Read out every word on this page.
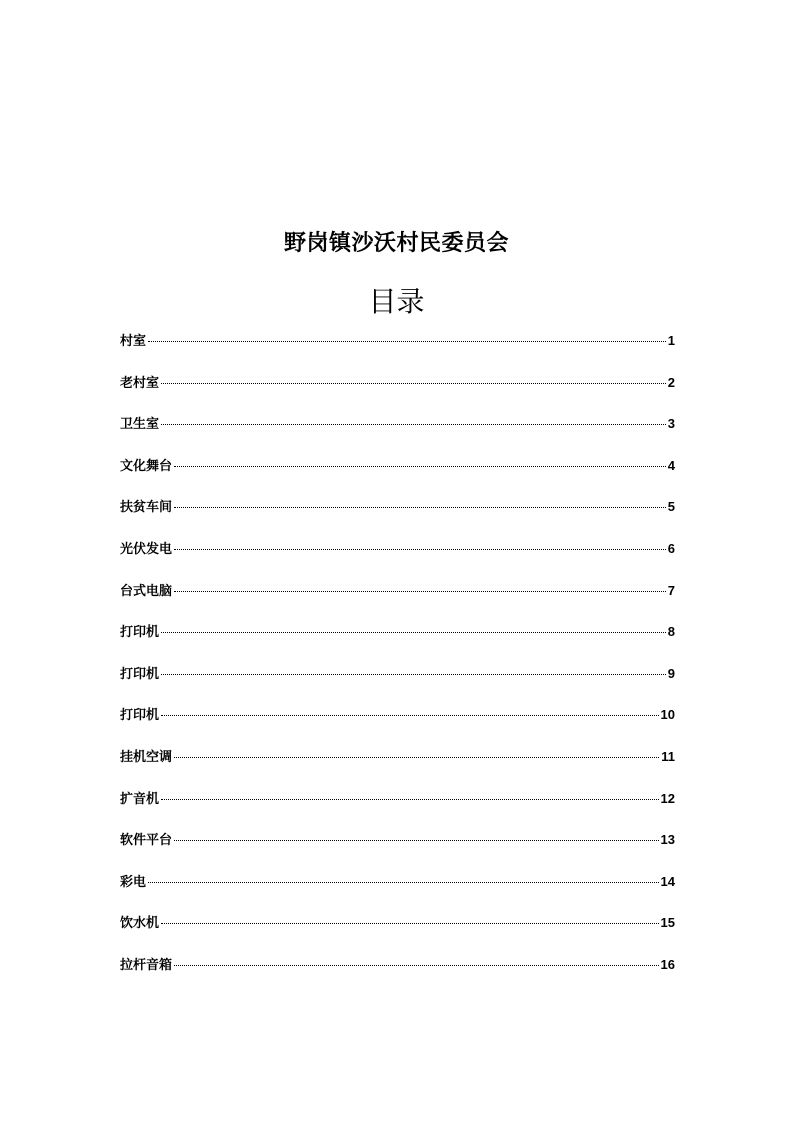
野岗镇沙沃村民委员会
目录
村室	1
老村室	2
卫生室	3
文化舞台	4
扶贫车间	5
光伏发电	6
台式电脑	7
打印机	8
打印机	9
打印机	10
挂机空调	11
扩音机	12
软件平台	13
彩电	14
饮水机	15
拉杆音箱	16
